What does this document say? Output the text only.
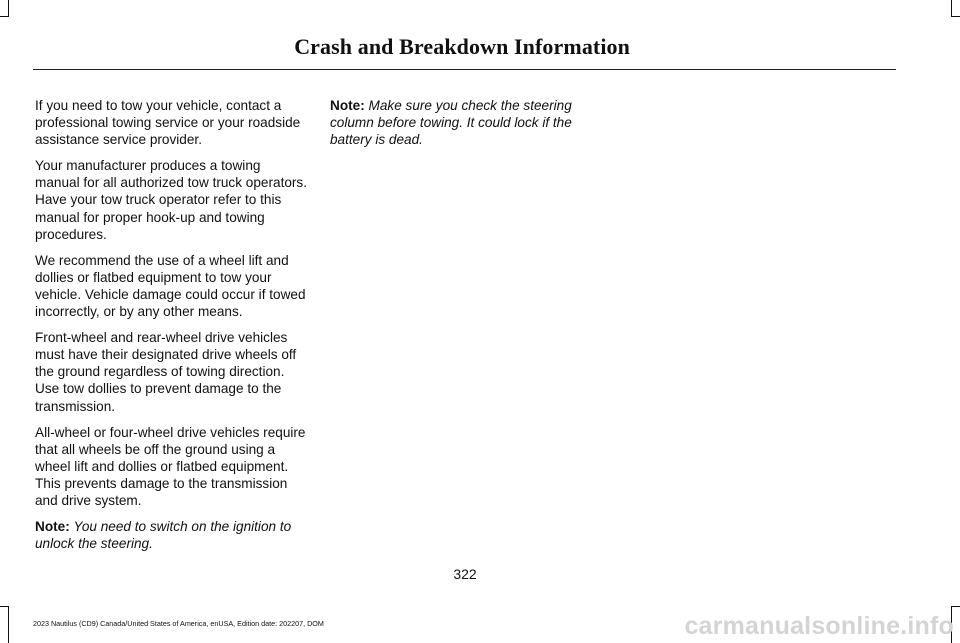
Crash and Breakdown Information

If you need to tow your vehicle, contact a professional towing service or your roadside assistance service provider.

Your manufacturer produces a towing manual for all authorized tow truck operators. Have your tow truck operator refer to this manual for proper hook-up and towing procedures.

We recommend the use of a wheel lift and dollies or flatbed equipment to tow your vehicle. Vehicle damage could occur if towed incorrectly, or by any other means.

Front-wheel and rear-wheel drive vehicles must have their designated drive wheels off the ground regardless of towing direction. Use tow dollies to prevent damage to the transmission.

All-wheel or four-wheel drive vehicles require that all wheels be off the ground using a wheel lift and dollies or flatbed equipment. This prevents damage to the transmission and drive system.

Note: You need to switch on the ignition to unlock the steering.

Note: Make sure you check the steering column before towing. It could lock if the battery is dead.

322
2023 Nautilus (CD9) Canada/United States of America, enUSA, Edition date: 202207, DOM	carmanualsonline.info
